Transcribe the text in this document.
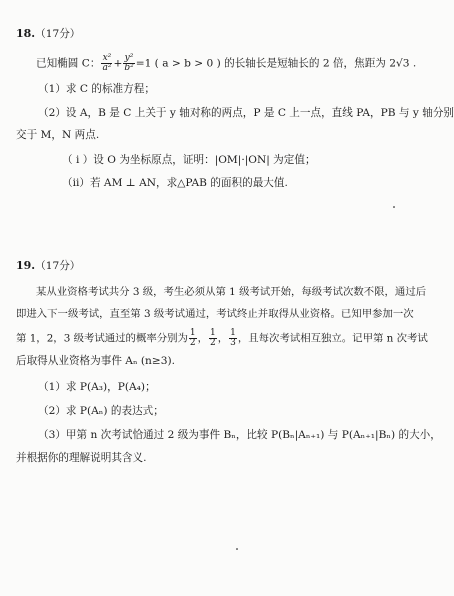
18.（17分）
已知椭圆 C： $\frac{\text{x²}}{\text{a²}} + \frac{\text{y²}}{\text{b²}} =1$ ( a > b > 0 ) 的长轴长是短轴长的 2 倍，焦距为 2√3 .
（1）求 C 的标准方程；
（2）设 A，B 是 C 上关于 y 轴对称的两点，P 是 C 上一点，直线 PA，PB 与 y 轴分别
交于 M，N 两点.
（ i ）设 O 为坐标原点，证明：|OM|·|ON| 为定值；
（ii）若 AM ⊥ AN，求△PAB 的面积的最大值.
19.（17分）
某从业资格考试共分 3 级，考生必须从第 1 级考试开始，每级考试次数不限，通过后
即进入下一级考试，直至第 3 级考试通过，考试终止并取得从业资格。已知甲参加一次
第 1，2，3 级考试通过的概率分别为 $\frac{1}{2}$ ， $\frac{1}{2}$ ， $\frac{1}{3}$ ，且每次考试相互独立。记甲第 n 次考试
后取得从业资格为事件 Aₙ (n≥3).
（1）求 P(A₃)，P(A₄)；
（2）求 P(Aₙ) 的表达式；
（3）甲第 n 次考试恰通过 2 级为事件 Bₙ，比较 P(Bₙ|Aₙ₊₁) 与 P(Aₙ₊₁|Bₙ) 的大小，
并根据你的理解说明其含义.
